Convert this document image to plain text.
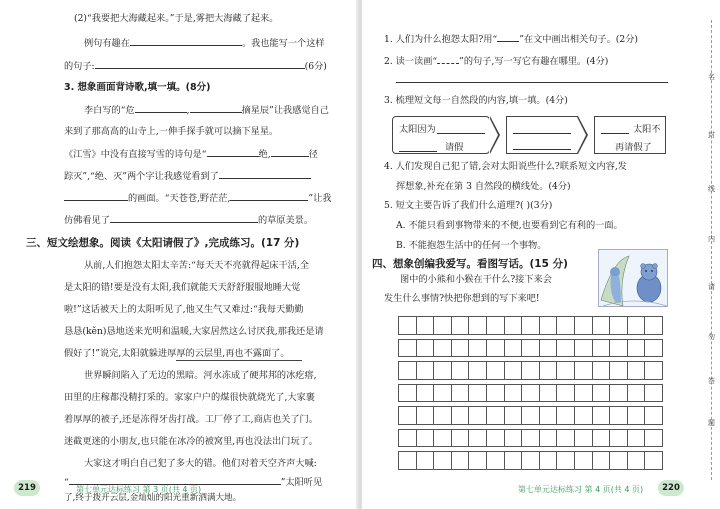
(2)“我要把大海藏起来。”于是,雾把大海藏了起来。
例句有趣在	。我也能写一个这样
的句子:	(6分)
3. 想象画面背诗歌,填一填。(8分)
李白写的“危	,	摘星辰”让我感觉自己
来到了那高高的山寺上,一伸手探手就可以摘下星星。
《江雪》中没有直接写雪的诗句是“	绝,	径
踪灭”,“绝、灭”两个字让我感觉看到了
的画面。“天苍苍,野茫茫,	”让我
仿佛看见了	的草原美景。
三、短文绘想象。阅读《太阳请假了》,完成练习。(17 分)
从前,人们抱怨太阳太辛苦:“每天天不亮就得起床干活,全
是太阳的错!要是没有太阳,我们就能天天舒舒服服地睡大觉
啦!”这话被天上的太阳听见了,他又生气又难过:“我每天勤勤
恳恳(kěn)恳地送来光明和温暖,大家居然这么讨厌我,那我还是请
假好了!”说完,太阳就躲进厚厚的云层里,再也不露面了。
世界瞬间陷入了无边的黑暗。河水冻成了硬邦邦的冰疙瘩,
田里的庄稼都没精打采的。家家户户的煤很快就烧光了,大家裹
着厚厚的被子,还是冻得牙齿打战。工厂停了工,商店也关了门。
迷截更迷的小朋友,也只能在冰冷的被窝里,再也没法出门玩了。
大家这才明白自己犯了多大的错。他们对着天空齐声大喊:
“	”太阳听见
了,终于拨开云层,金灿灿的阳光重新洒满大地。
219	第七单元达标练习 第 3 页(共 4 页)
1. 人们为什么抱怨太阳?用“ ”在文中画出相关句子。(2分)
2. 读一读画“ ”的句子,写一写它有趣在哪里。(4分)
3. 梳理短文每一自然段的内容,填一填。(4分)
太阳因为
请假
太阳不
再请假了
4. 人们发现自己犯了错,会对太阳说些什么?联系短文内容,发
挥想象,补充在第 3 自然段的横线处。(4分)
5. 短文主要告诉了我们什么道理?( )(3分)
A. 不能只看到事物带来的不便,也要看到它有利的一面。
B. 不能抱怨生活中的任何一个事物。
四、想象创编我爱写。看图写话。(15 分)
图中的小熊和小猴在干什么?接下来会
发生什么事情?快把你想到的写下来吧!
名
封
线
内
请
勿
答
题
第七单元达标练习 第 4 页(共 4 页)	220
